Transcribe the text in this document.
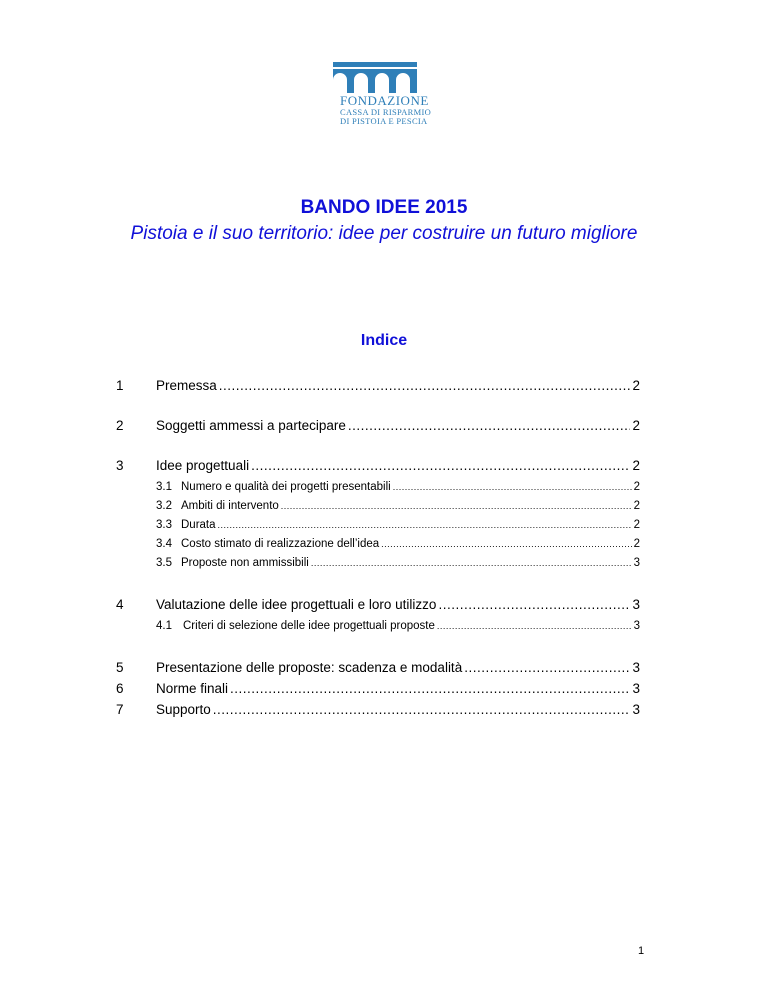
FONDAZIONE
CASSA DI RISPARMIO
DI PISTOIA E PESCIA
BANDO IDEE 2015
Pistoia e il suo territorio: idee per costruire un futuro migliore
Indice
1	Premessa .....	2
2	Soggetti ammessi a partecipare .....	2
3	Idee progettuali .....	2
3.1 Numero e qualità dei progetti presentabili .....	2
3.2 Ambiti di intervento .....	2
3.3 Durata .....	2
3.4 Costo stimato di realizzazione dell’idea .....	2
3.5 Proposte non ammissibili .....	3
4	Valutazione delle idee progettuali e loro utilizzo .....	3
4.1 Criteri di selezione delle idee progettuali proposte .....	3
5	Presentazione delle proposte: scadenza e modalità .....	3
6	Norme finali .....	3
7	Supporto .....	3
1
